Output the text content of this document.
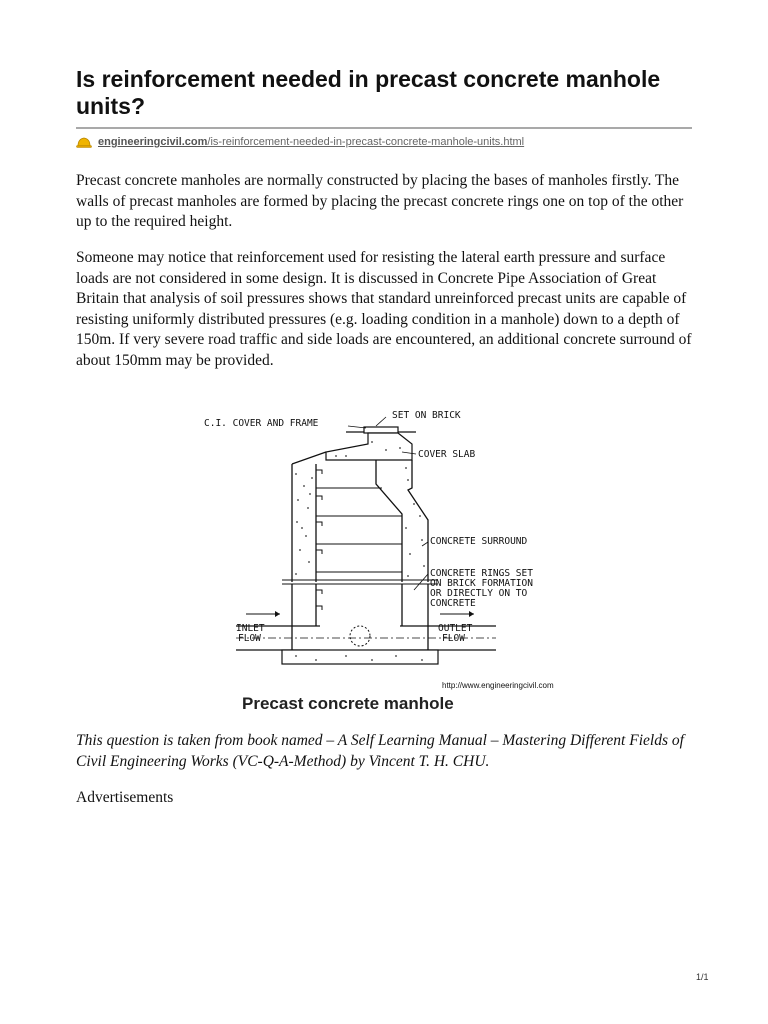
Is reinforcement needed in precast concrete manhole units?
engineeringcivil.com /is-reinforcement-needed-in-precast-concrete-manhole-units.html

Precast concrete manholes are normally constructed by placing the bases of manholes firstly. The walls of precast manholes are formed by placing the precast concrete rings one on top of the other up to the required height.

Someone may notice that reinforcement used for resisting the lateral earth pressure and surface loads are not considered in some design. It is discussed in Concrete Pipe Association of Great Britain that analysis of soil pressures shows that standard unreinforced precast units are capable of resisting uniformly distributed pressures (e.g. loading condition in a manhole) down to a depth of 150m. If very severe road traffic and side loads are encountered, an additional concrete surround of about 150mm may be provided.

C.I. COVER AND FRAME
SET ON BRICK
COVER SLAB
CONCRETE SURROUND
CONCRETE RINGS SET
ON BRICK FORMATION
OR DIRECTLY ON TO
CONCRETE
INLET
FLOW
OUTLET
FLOW
http://www.engineeringcivil.com
Precast concrete manhole

This question is taken from book named – A Self Learning Manual – Mastering Different Fields of Civil Engineering Works (VC-Q-A-Method) by Vincent T. H. CHU.

Advertisements

1/1
